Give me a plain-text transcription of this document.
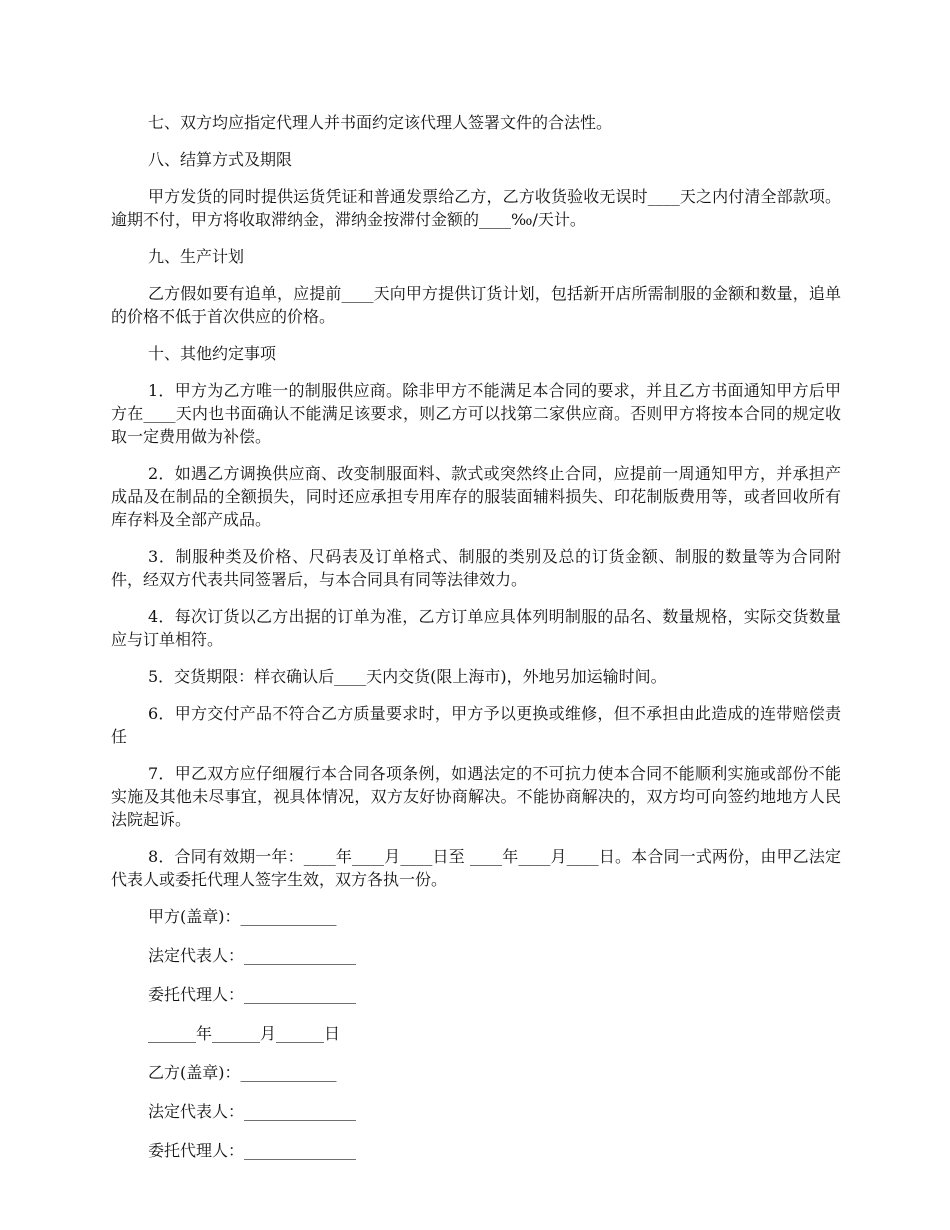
七、双方均应指定代理人并书面约定该代理人签署文件的合法性。

八、结算方式及期限

甲方发货的同时提供运货凭证和普通发票给乙方，乙方收货验收无误时____天之内付清全部款项。逾期不付，甲方将收取滞纳金，滞纳金按滞付金额的____‰/天计。

九、生产计划

乙方假如要有追单，应提前____天向甲方提供订货计划，包括新开店所需制服的金额和数量，追单的价格不低于首次供应的价格。

十、其他约定事项

1．甲方为乙方唯一的制服供应商。除非甲方不能满足本合同的要求，并且乙方书面通知甲方后甲方在____天内也书面确认不能满足该要求，则乙方可以找第二家供应商。否则甲方将按本合同的规定收取一定费用做为补偿。

2．如遇乙方调换供应商、改变制服面料、款式或突然终止合同，应提前一周通知甲方，并承担产成品及在制品的全额损失，同时还应承担专用库存的服装面辅料损失、印花制版费用等，或者回收所有库存料及全部产成品。

3．制服种类及价格、尺码表及订单格式、制服的类别及总的订货金额、制服的数量等为合同附件，经双方代表共同签署后，与本合同具有同等法律效力。

4．每次订货以乙方出据的订单为准，乙方订单应具体列明制服的品名、数量规格，实际交货数量应与订单相符。

5．交货期限：样衣确认后____天内交货(限上海市)，外地另加运输时间。

6．甲方交付产品不符合乙方质量要求时，甲方予以更换或维修，但不承担由此造成的连带赔偿责任

7．甲乙双方应仔细履行本合同各项条例，如遇法定的不可抗力使本合同不能顺利实施或部份不能实施及其他未尽事宜，视具体情况，双方友好协商解决。不能协商解决的，双方均可向签约地地方人民法院起诉。

8．合同有效期一年：____年____月____日至 ____年____月____日。本合同一式两份，由甲乙法定代表人或委托代理人签字生效，双方各执一份。

甲方(盖章)：____________

法定代表人：______________

委托代理人：______________

______年______月______日

乙方(盖章)：____________

法定代表人：______________

委托代理人：______________
